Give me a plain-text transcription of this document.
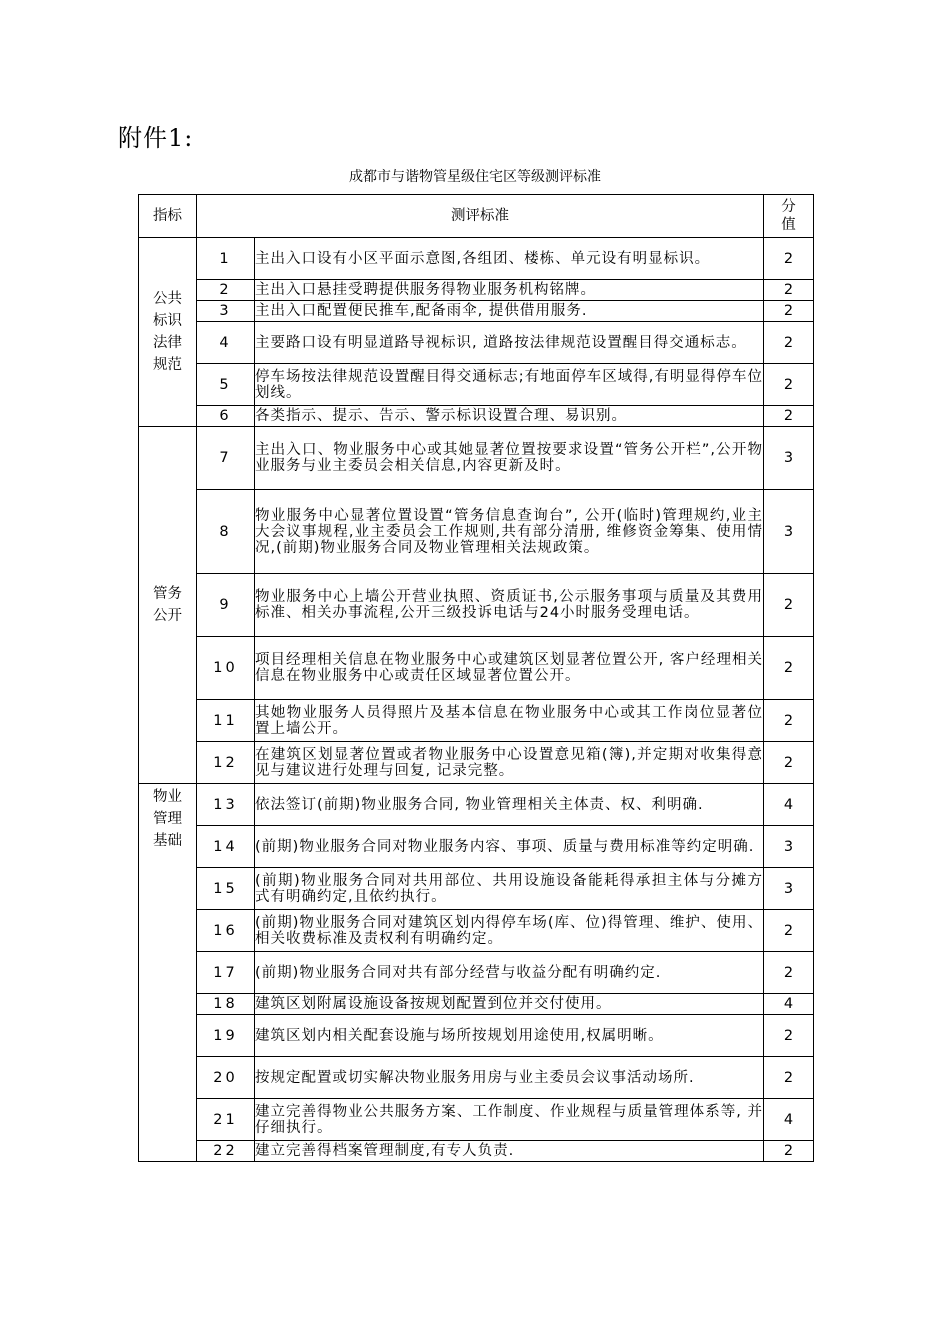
附件1:
成都市与谐物管星级住宅区等级测评标准
指标	测评标准		分值
公共标识法律规范	1	主出入口设有小区平面示意图,各组团、楼栋、单元设有明显标识。	2
	2	主出入口悬挂受聘提供服务得物业服务机构铭牌。	2
	3	主出入口配置便民推车,配备雨伞, 提供借用服务.	2
	4	主要路口设有明显道路导视标识, 道路按法律规范设置醒目得交通标志。	2
	5	停车场按法律规范设置醒目得交通标志;有地面停车区域得,有明显得停车位划线。	2
	6	各类指示、提示、告示、警示标识设置合理、易识别。	2
管务公开	7	主出入口、物业服务中心或其她显著位置按要求设置“管务公开栏”,公开物业服务与业主委员会相关信息,内容更新及时。	3
	8	物业服务中心显著位置设置“管务信息查询台”, 公开(临时)管理规约,业主大会议事规程,业主委员会工作规则,共有部分清册, 维修资金筹集、使用情况,(前期)物业服务合同及物业管理相关法规政策。	3
	9	物业服务中心上墙公开营业执照、资质证书,公示服务事项与质量及其费用标准、相关办事流程,公开三级投诉电话与24小时服务受理电话。	2
	10	项目经理相关信息在物业服务中心或建筑区划显著位置公开, 客户经理相关信息在物业服务中心或责任区域显著位置公开。	2
	11	其她物业服务人员得照片及基本信息在物业服务中心或其工作岗位显著位置上墙公开。	2
	12	在建筑区划显著位置或者物业服务中心设置意见箱(簿),并定期对收集得意见与建议进行处理与回复, 记录完整。	2
物业管理基础	13	依法签订(前期)物业服务合同, 物业管理相关主体责、权、利明确.	4
	14	(前期)物业服务合同对物业服务内容、事项、质量与费用标准等约定明确.	3
	15	(前期)物业服务合同对共用部位、共用设施设备能耗得承担主体与分摊方式有明确约定,且依约执行。	3
	16	(前期)物业服务合同对建筑区划内得停车场(库、位)得管理、维护、使用、相关收费标准及责权利有明确约定。	2
	17	(前期)物业服务合同对共有部分经营与收益分配有明确约定.	2
	18	建筑区划附属设施设备按规划配置到位并交付使用。	4
	19	建筑区划内相关配套设施与场所按规划用途使用,权属明晰。	2
	20	按规定配置或切实解决物业服务用房与业主委员会议事活动场所.	2
	21	建立完善得物业公共服务方案、工作制度、作业规程与质量管理体系等, 并仔细执行。	4
	22	建立完善得档案管理制度,有专人负责.	2
